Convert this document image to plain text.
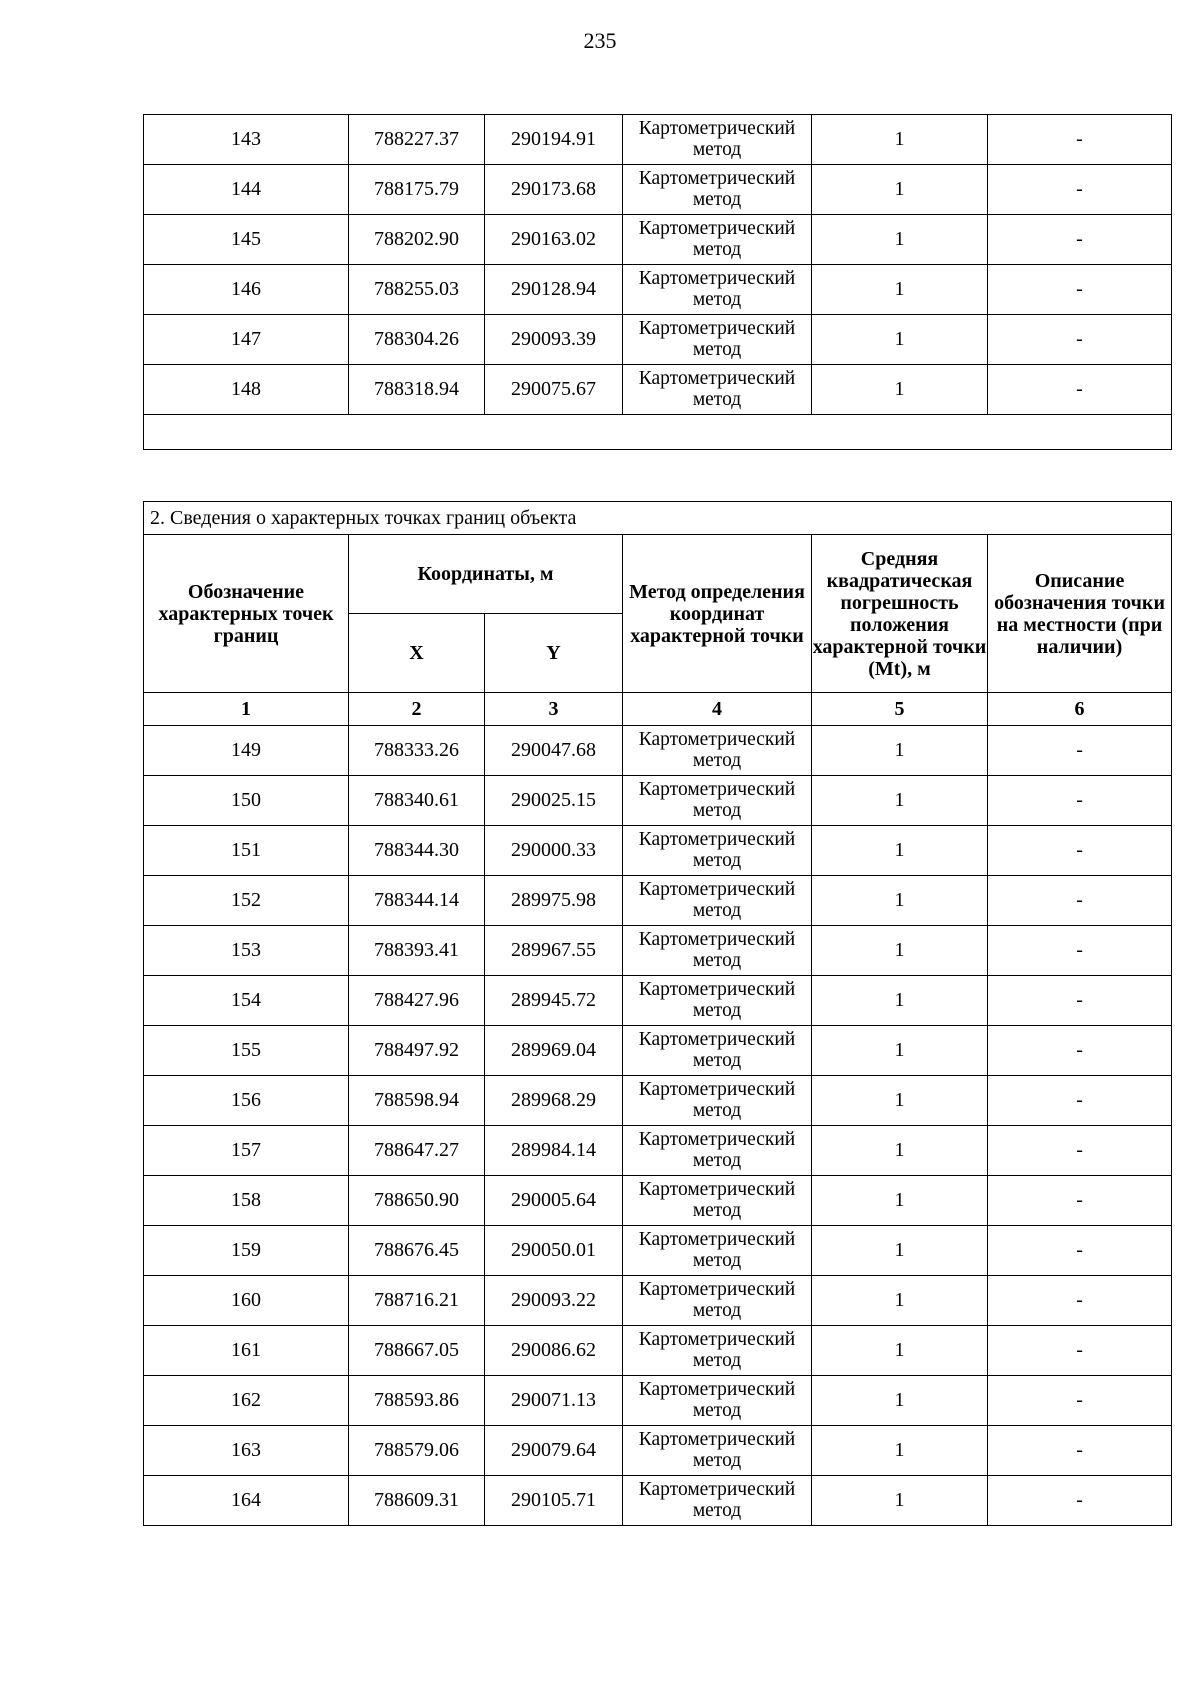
235
143	788227.37	290194.91	Картометрический метод	1	-
144	788175.79	290173.68	Картометрический метод	1	-
145	788202.90	290163.02	Картометрический метод	1	-
146	788255.03	290128.94	Картометрический метод	1	-
147	788304.26	290093.39	Картометрический метод	1	-
148	788318.94	290075.67	Картометрический метод	1	-

2. Сведения о характерных точках границ объекта					
Обозначение характерных точек границ	Координаты, м		Метод определения координат характерной точки	Средняя квадратическая погрешность положения характерной точки (Mt), м	Описание обозначения точки на местности (при наличии)
	X	Y			
1	2	3	4	5	6
149	788333.26	290047.68	Картометрический метод	1	-
150	788340.61	290025.15	Картометрический метод	1	-
151	788344.30	290000.33	Картометрический метод	1	-
152	788344.14	289975.98	Картометрический метод	1	-
153	788393.41	289967.55	Картометрический метод	1	-
154	788427.96	289945.72	Картометрический метод	1	-
155	788497.92	289969.04	Картометрический метод	1	-
156	788598.94	289968.29	Картометрический метод	1	-
157	788647.27	289984.14	Картометрический метод	1	-
158	788650.90	290005.64	Картометрический метод	1	-
159	788676.45	290050.01	Картометрический метод	1	-
160	788716.21	290093.22	Картометрический метод	1	-
161	788667.05	290086.62	Картометрический метод	1	-
162	788593.86	290071.13	Картометрический метод	1	-
163	788579.06	290079.64	Картометрический метод	1	-
164	788609.31	290105.71	Картометрический метод	1	-
